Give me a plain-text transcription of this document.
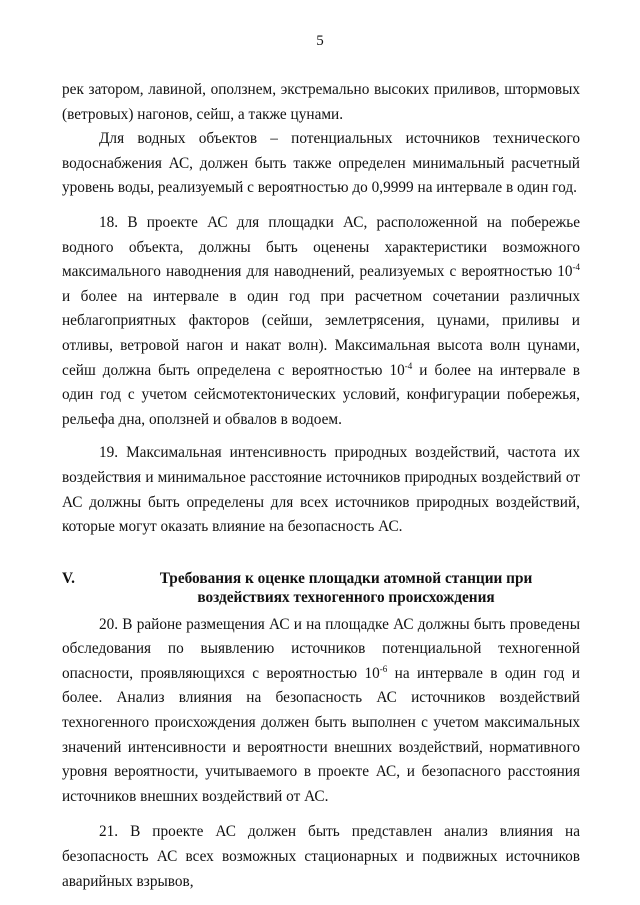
5

рек затором, лавиной, оползнем, экстремально высоких приливов, штормовых (ветровых) нагонов, сейш, а также цунами.

Для водных объектов – потенциальных источников технического водоснабжения АС, должен быть также определен минимальный расчетный уровень воды, реализуемый с вероятностью до 0,9999 на интервале в один год.

18. В проекте АС для площадки АС, расположенной на побережье водного объекта, должны быть оценены характеристики возможного максимального наводнения для наводнений, реализуемых с вероятностью $10^{-4}$ и более на интервале в один год при расчетном сочетании различных неблагоприятных факторов (сейши, землетрясения, цунами, приливы и отливы, ветровой нагон и накат волн). Максимальная высота волн цунами, сейш должна быть определена с вероятностью $10^{-4}$ и более на интервале в один год с учетом сейсмотектонических условий, конфигурации побережья, рельефа дна, оползней и обвалов в водоем.

19. Максимальная интенсивность природных воздействий, частота их воздействия и минимальное расстояние источников природных воздействий от АС должны быть определены для всех источников природных воздействий, которые могут оказать влияние на безопасность АС.

V.	Требования к оценке площадки атомной станции при воздействиях техногенного происхождения

20. В районе размещения АС и на площадке АС должны быть проведены обследования по выявлению источников потенциальной техногенной опасности, проявляющихся с вероятностью $10^{-6}$ на интервале в один год и более. Анализ влияния на безопасность АС источников воздействий техногенного происхождения должен быть выполнен с учетом максимальных значений интенсивности и вероятности внешних воздействий, нормативного уровня вероятности, учитываемого в проекте АС, и безопасного расстояния источников внешних воздействий от АС.

21. В проекте АС должен быть представлен анализ влияния на безопасность АС всех возможных стационарных и подвижных источников аварийных взрывов,
